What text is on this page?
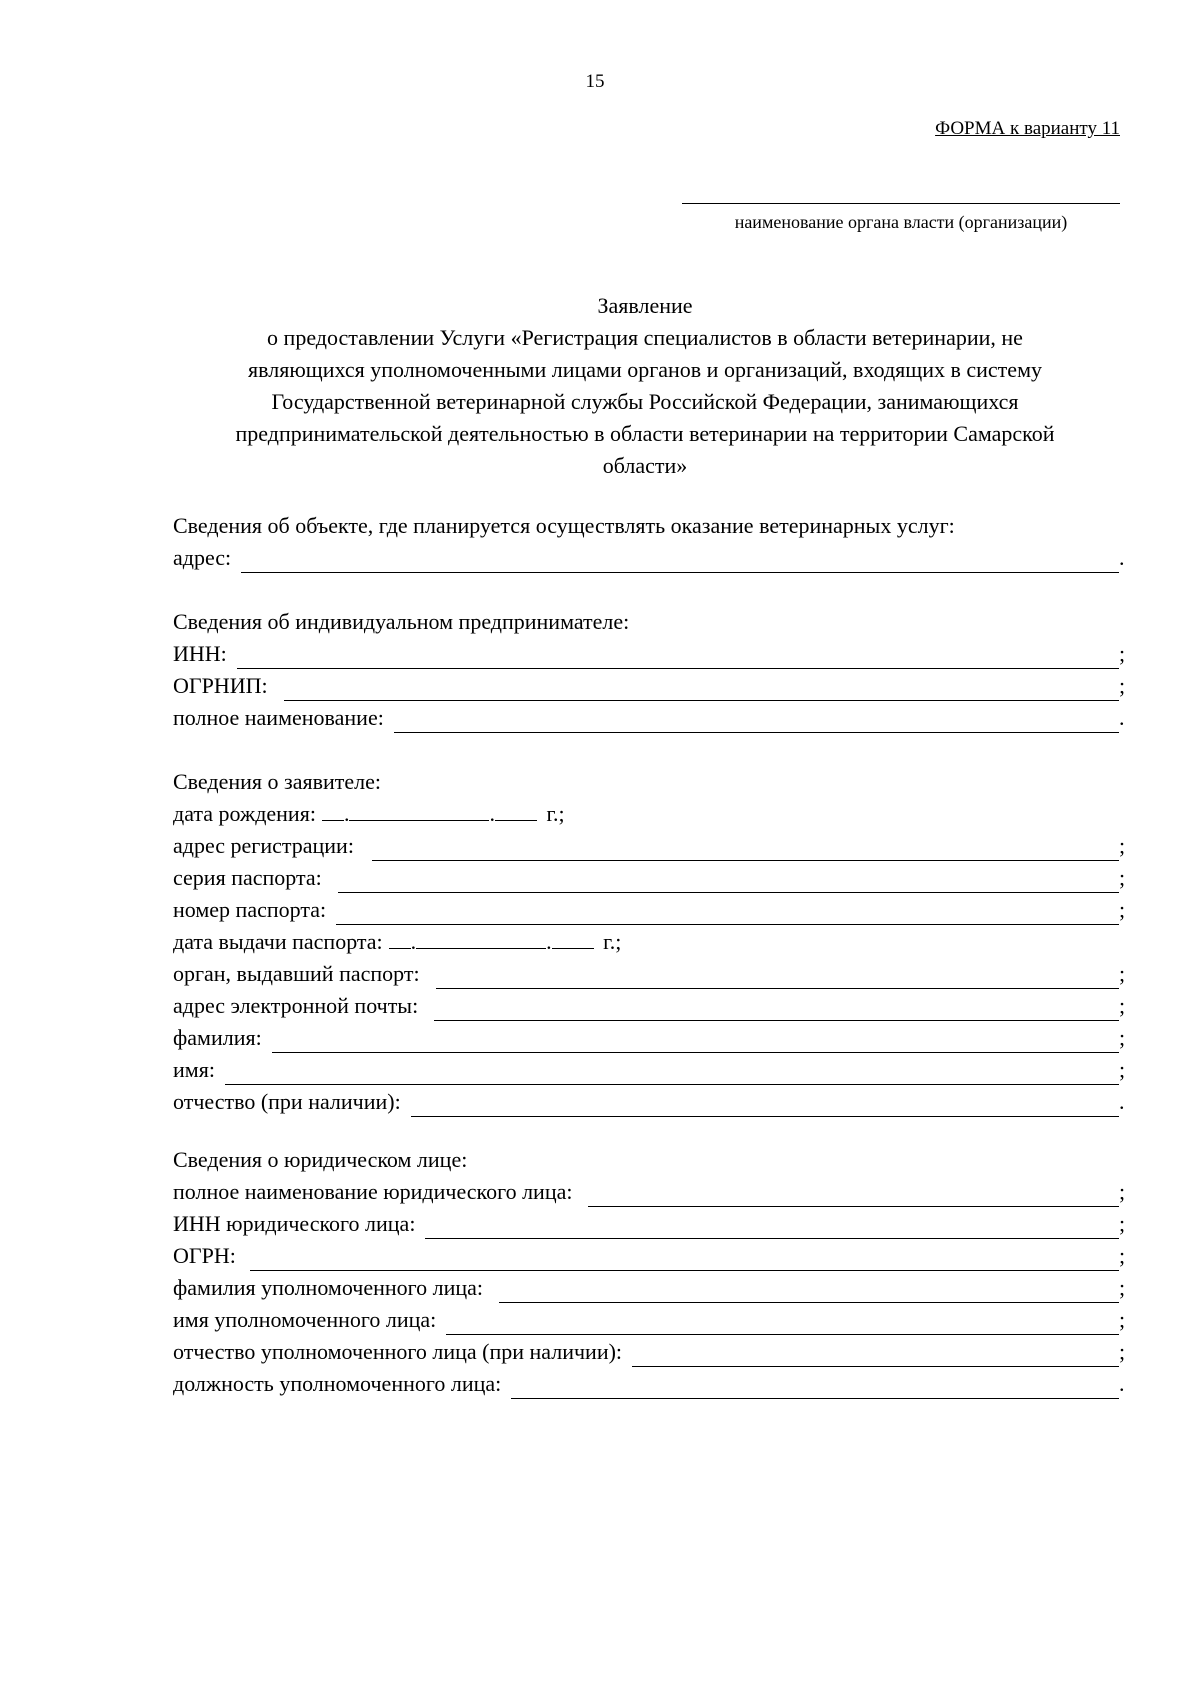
15
ФОРМА к варианту 11
наименование органа власти (организации)
Заявление
о предоставлении Услуги «Регистрация специалистов в области ветеринарии, не
являющихся уполномоченными лицами органов и организаций, входящих в систему
Государственной ветеринарной службы Российской Федерации, занимающихся
предпринимательской деятельностью в области ветеринарии на территории Самарской
области»
Сведения об объекте, где планируется осуществлять оказание ветеринарных услуг:
адрес:	.
Сведения об индивидуальном предпринимателе:
ИНН:	;
ОГРНИП:	;
полное наименование:	.
Сведения о заявителе:
дата рождения:	.	. г.;
адрес регистрации:	;
серия паспорта:	;
номер паспорта:	;
дата выдачи паспорта:	.	. г.;
орган, выдавший паспорт:	;
адрес электронной почты:	;
фамилия:	;
имя:	;
отчество (при наличии):	.
Сведения о юридическом лице:
полное наименование юридического лица:	;
ИНН юридического лица:	;
ОГРН:	;
фамилия уполномоченного лица:	;
имя уполномоченного лица:	;
отчество уполномоченного лица (при наличии):	;
должность уполномоченного лица:	.
